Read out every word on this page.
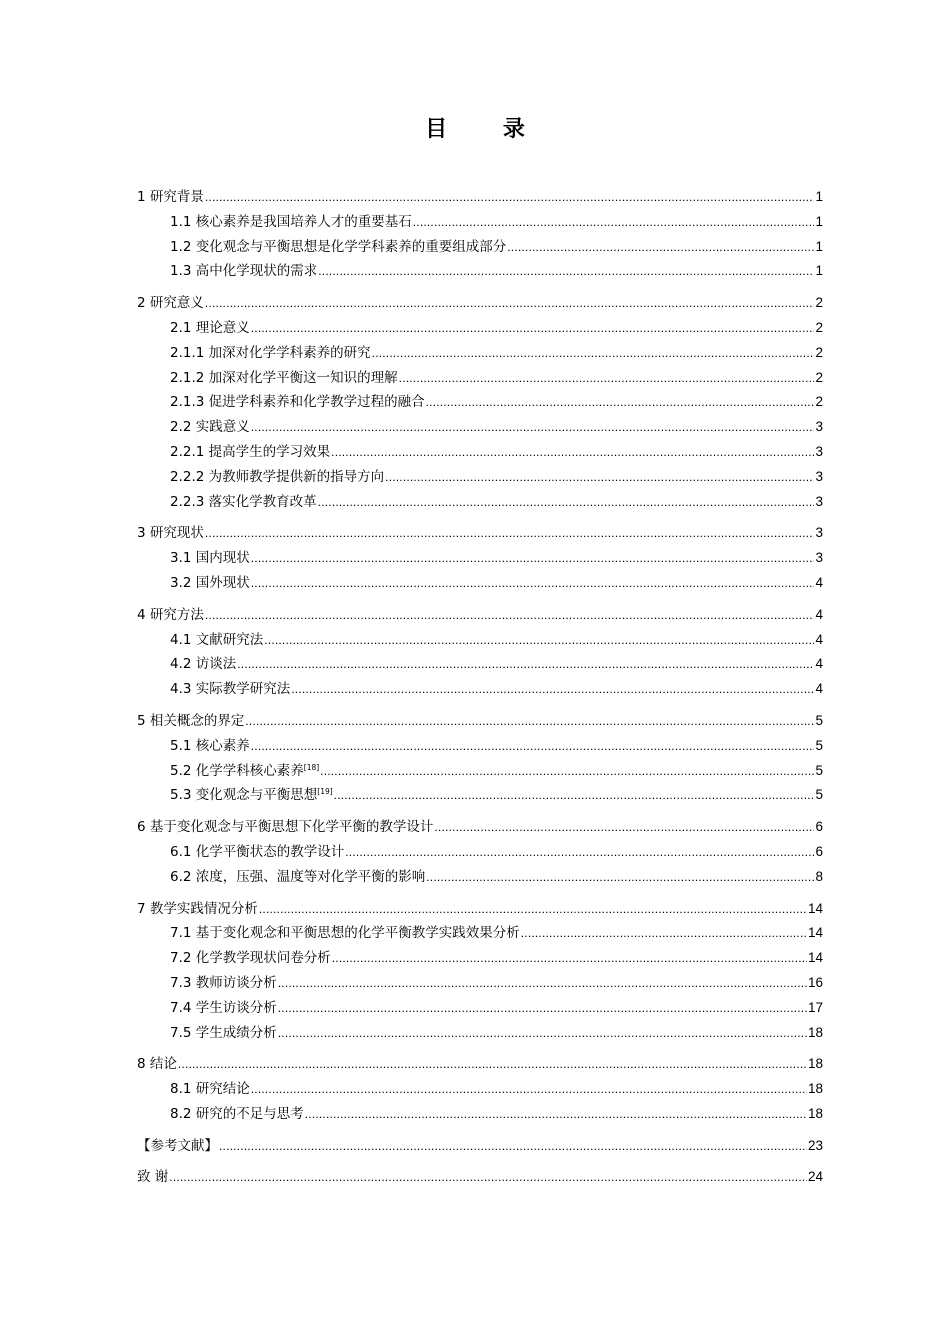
目 录
1 研究背景 .....	1
1.1 核心素养是我国培养人才的重要基石 .....	1
1.2 变化观念与平衡思想是化学学科素养的重要组成部分 .....	1
1.3 高中化学现状的需求 .....	1
2 研究意义 .....	2
2.1 理论意义 .....	2
2.1.1 加深对化学学科素养的研究 .....	2
2.1.2 加深对化学平衡这一知识的理解 .....	2
2.1.3 促进学科素养和化学教学过程的融合 .....	2
2.2 实践意义 .....	3
2.2.1 提高学生的学习效果 .....	3
2.2.2 为教师教学提供新的指导方向 .....	3
2.2.3 落实化学教育改革 .....	3
3 研究现状 .....	3
3.1 国内现状 .....	3
3.2 国外现状 .....	4
4 研究方法 .....	4
4.1 文献研究法 .....	4
4.2 访谈法 .....	4
4.3 实际教学研究法 .....	4
5 相关概念的界定 .....	5
5.1 核心素养 .....	5
5.2 化学学科核心素养[18] .....	5
5.3 变化观念与平衡思想[19] .....	5
6 基于变化观念与平衡思想下化学平衡的教学设计 .....	6
6.1 化学平衡状态的教学设计 .....	6
6.2 浓度，压强、温度等对化学平衡的影响 .....	8
7 教学实践情况分析 .....	14
7.1 基于变化观念和平衡思想的化学平衡教学实践效果分析 .....	14
7.2 化学教学现状问卷分析 .....	14
7.3 教师访谈分析 .....	16
7.4 学生访谈分析 .....	17
7.5 学生成绩分析 .....	18
8 结论 .....	18
8.1 研究结论 .....	18
8.2 研究的不足与思考 .....	18
【参考文献】 .....	23
致 谢 .....	24
